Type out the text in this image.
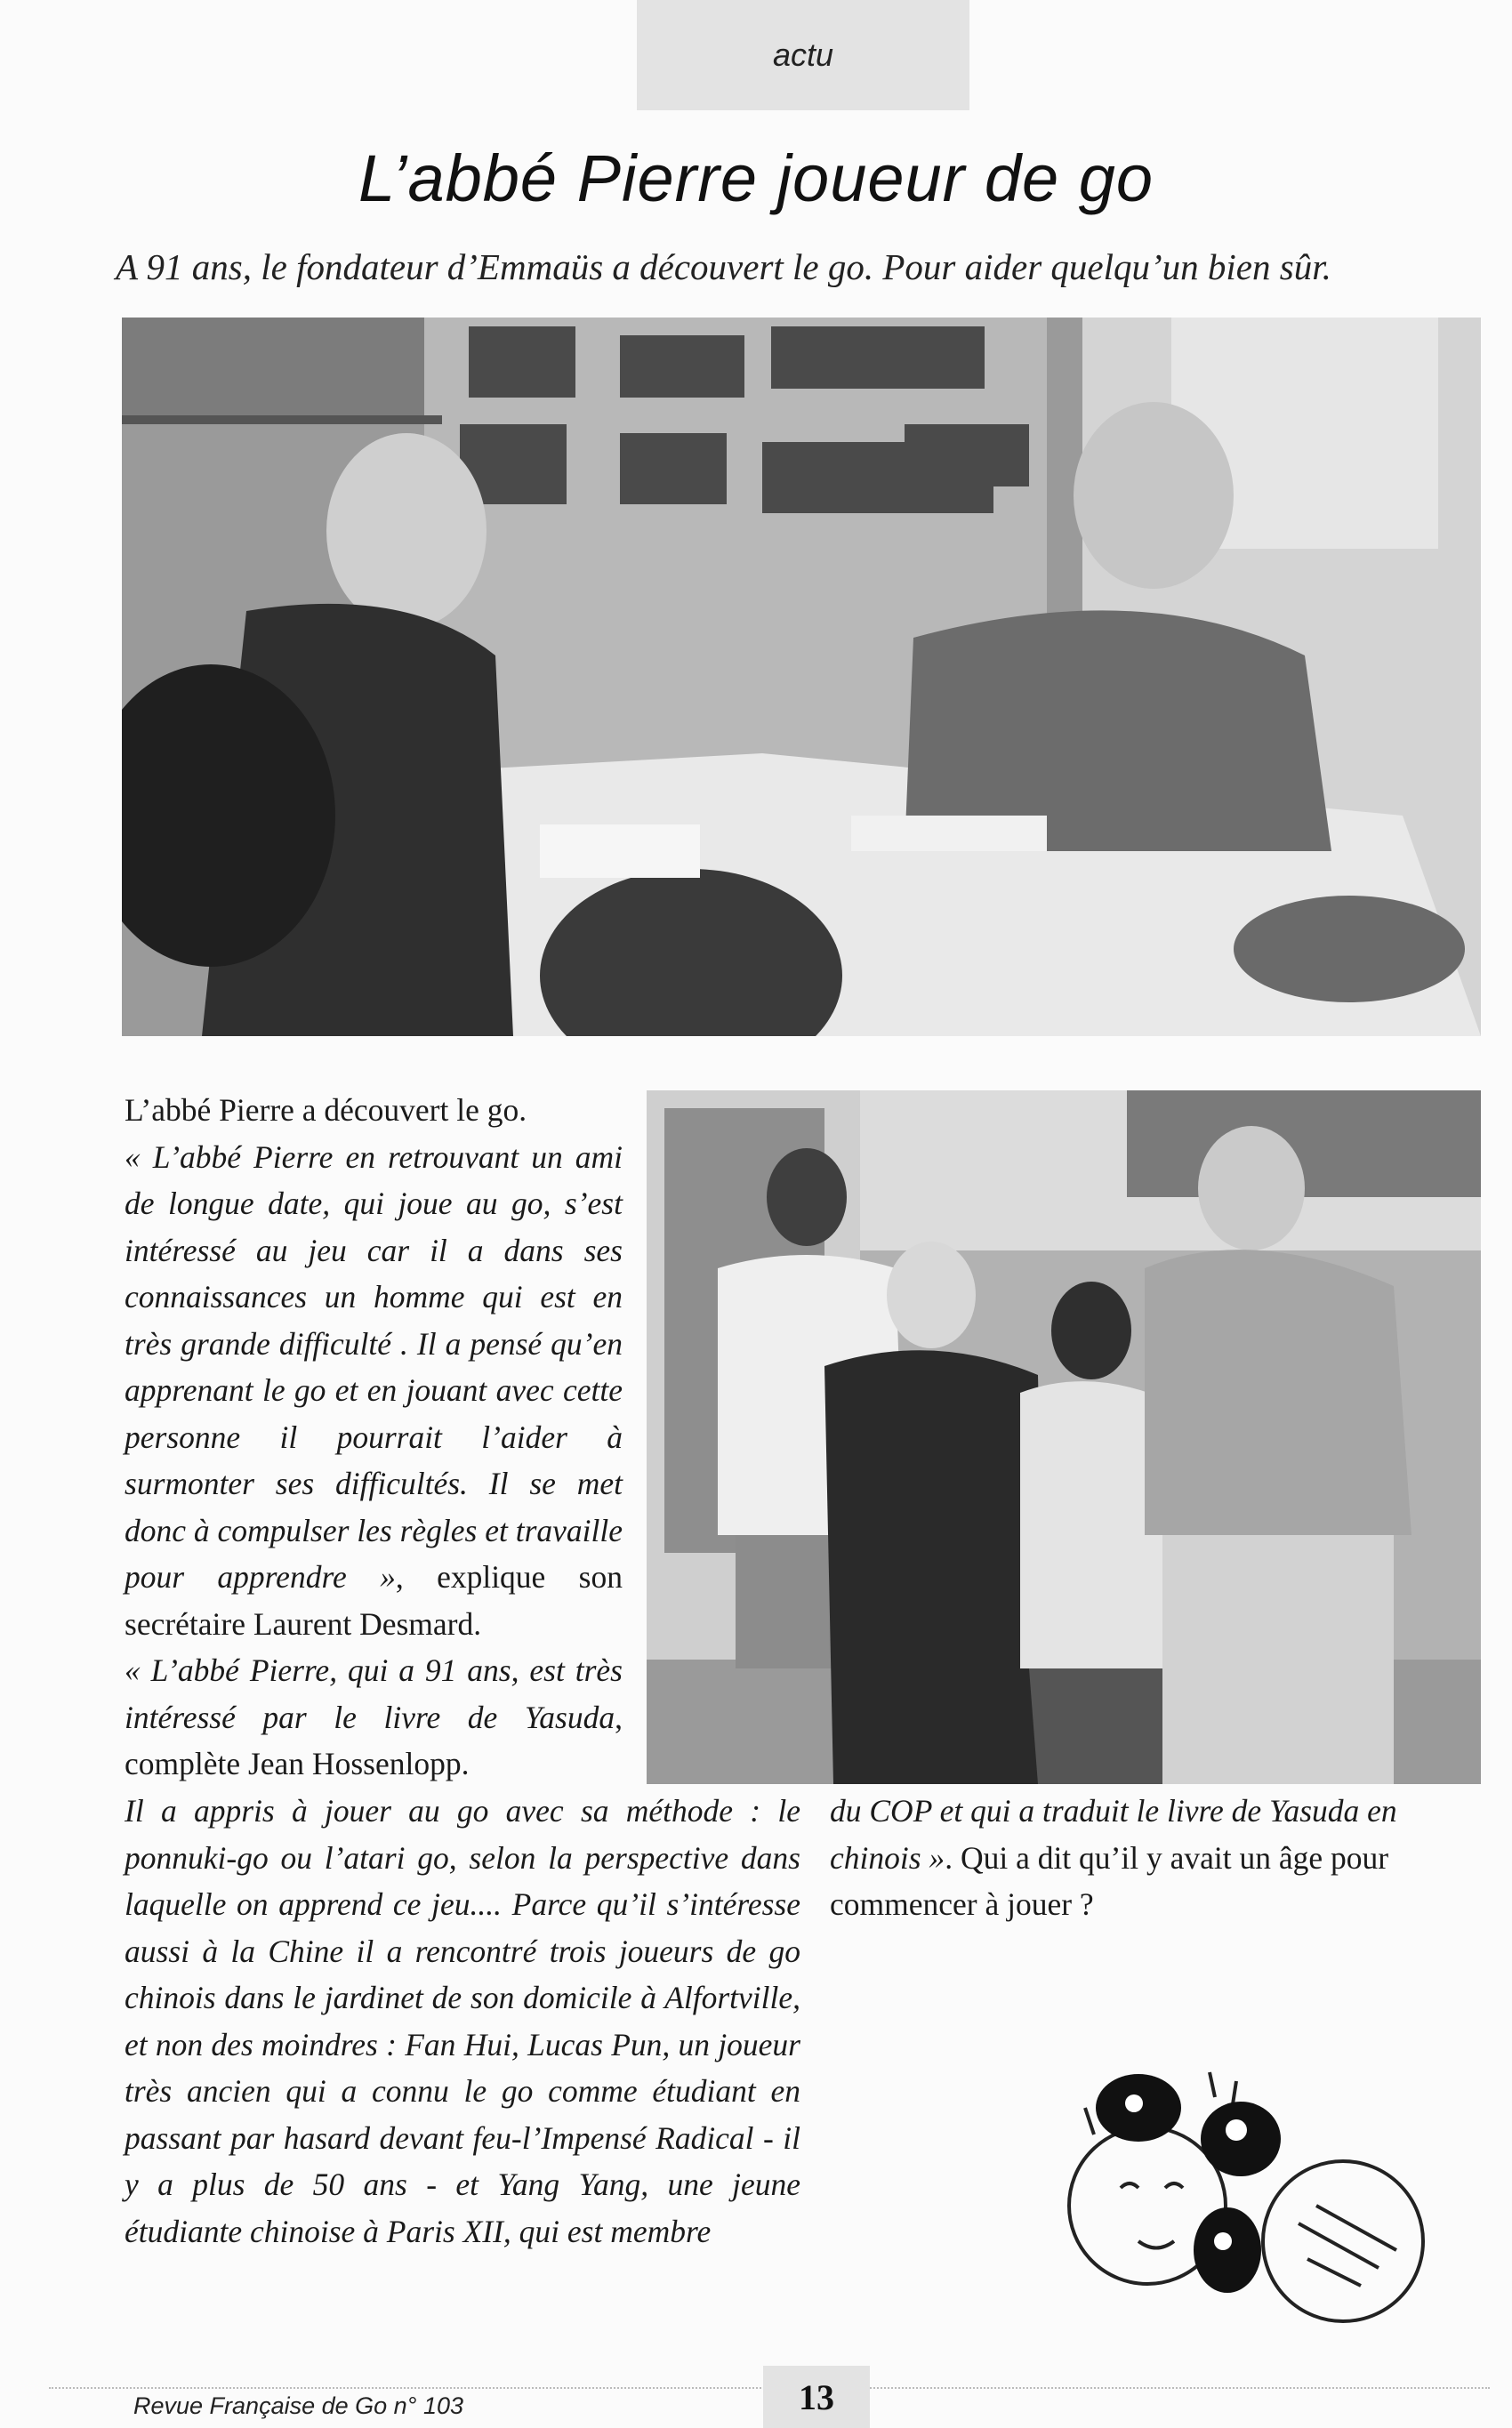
actu
L’abbé Pierre joueur de go
A 91 ans, le fondateur d’Emmaüs a découvert le go. Pour aider quelqu’un bien sûr.

L’abbé Pierre a découvert le go.

« L’abbé Pierre en retrouvant un ami de longue date, qui joue au go, s’est intéressé au jeu car il a dans ses connaissances un homme qui est en très grande difficulté . Il a pensé qu’en apprenant le go et en jouant avec cette personne il pourrait l’aider à surmonter ses difficultés. Il se met donc à compulser les règles et travaille pour apprendre », explique son secrétaire Laurent Desmard.

« L’abbé Pierre, qui a 91 ans, est très intéressé par le livre de Yasuda, complète Jean Hossenlopp.

Il a appris à jouer au go avec sa méthode : le ponnuki-go ou l’atari go, selon la perspective dans laquelle on apprend ce jeu.... Parce qu’il s’intéresse aussi à la Chine il a rencontré trois joueurs de go chinois dans le jardinet de son domicile à Alfortville, et non des moindres : Fan Hui, Lucas Pun, un joueur très ancien qui a connu le go comme étudiant en passant par hasard devant feu-l’Impensé Radical - il y a plus de 50 ans - et Yang Yang, une jeune étudiante chinoise à Paris XII, qui est membre

du COP et qui a traduit le livre de Yasuda en chinois ». Qui a dit qu’il y avait un âge pour commencer à jouer ?

Revue Française de Go n° 103	13
